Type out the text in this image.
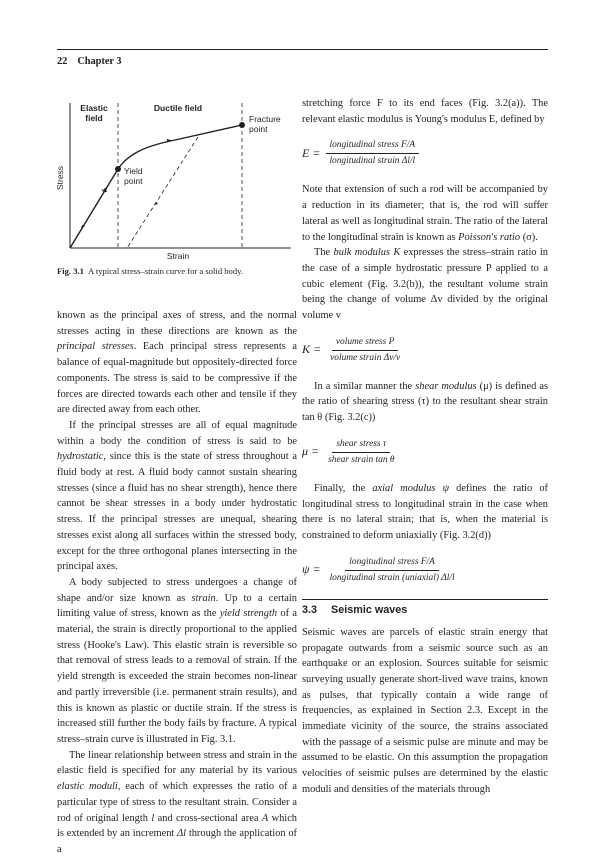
22 Chapter 3
Elastic
field
Ductile field
Fracture
point
Yield
point
Stress
Strain
Fig. 3.1 A typical stress–strain curve for a solid body.

known as the principal axes of stress, and the normal stresses acting in these directions are known as the principal stresses. Each principal stress represents a balance of equal-magnitude but oppositely-directed force components. The stress is said to be compressive if the forces are directed towards each other and tensile if they are directed away from each other.

If the principal stresses are all of equal magnitude within a body the condition of stress is said to be hydrostatic, since this is the state of stress throughout a fluid body at rest. A fluid body cannot sustain shearing stresses (since a fluid has no shear strength), hence there cannot be shear stresses in a body under hydrostatic stress. If the principal stresses are unequal, shearing stresses exist along all surfaces within the stressed body, except for the three orthogonal planes intersecting in the principal axes.

A body subjected to stress undergoes a change of shape and/or size known as strain. Up to a certain limiting value of stress, known as the yield strength of a material, the strain is directly proportional to the applied stress (Hooke's Law). This elastic strain is reversible so that removal of stress leads to a removal of strain. If the yield strength is exceeded the strain becomes non-linear and partly irreversible (i.e. permanent strain results), and this is known as plastic or ductile strain. If the stress is increased still further the body fails by fracture. A typical stress–strain curve is illustrated in Fig. 3.1.

The linear relationship between stress and strain in the elastic field is specified for any material by its various elastic moduli, each of which expresses the ratio of a particular type of stress to the resultant strain. Consider a rod of original length l and cross-sectional area A which is extended by an increment Δl through the application of a

stretching force F to its end faces (Fig. 3.2(a)). The relevant elastic modulus is Young's modulus E, defined by

$E = \frac{\text{longitudinal stress F/A}}{\text{longitudinal strain Δl/l}}$

Note that extension of such a rod will be accompanied by a reduction in its diameter; that is, the rod will suffer lateral as well as longitudinal strain. The ratio of the lateral to the longitudinal strain is known as Poisson's ratio (σ).

The bulk modulus K expresses the stress–strain ratio in the case of a simple hydrostatic pressure P applied to a cubic element (Fig. 3.2(b)), the resultant volume strain being the change of volume Δv divided by the original volume v

$K = \frac{\text{volume stress P}}{\text{volume strain Δv/v}}$

In a similar manner the shear modulus (μ) is defined as the ratio of shearing stress (τ) to the resultant shear strain tan θ (Fig. 3.2(c))

$\mu = \frac{\text{shear stress τ}}{\text{shear strain tan θ}}$

Finally, the axial modulus ψ defines the ratio of longitudinal stress to longitudinal strain in the case when there is no lateral strain; that is, when the material is constrained to deform uniaxially (Fig. 3.2(d))

$\psi = \frac{\text{longitudinal stress F/A}}{\text{longitudinal strain (uniaxial) Δl/l}}$
3.3 Seismic waves

Seismic waves are parcels of elastic strain energy that propagate outwards from a seismic source such as an earthquake or an explosion. Sources suitable for seismic surveying usually generate short-lived wave trains, known as pulses, that typically contain a wide range of frequencies, as explained in Section 2.3. Except in the immediate vicinity of the source, the strains associated with the passage of a seismic pulse are minute and may be assumed to be elastic. On this assumption the propagation velocities of seismic pulses are determined by the elastic moduli and densities of the materials through
